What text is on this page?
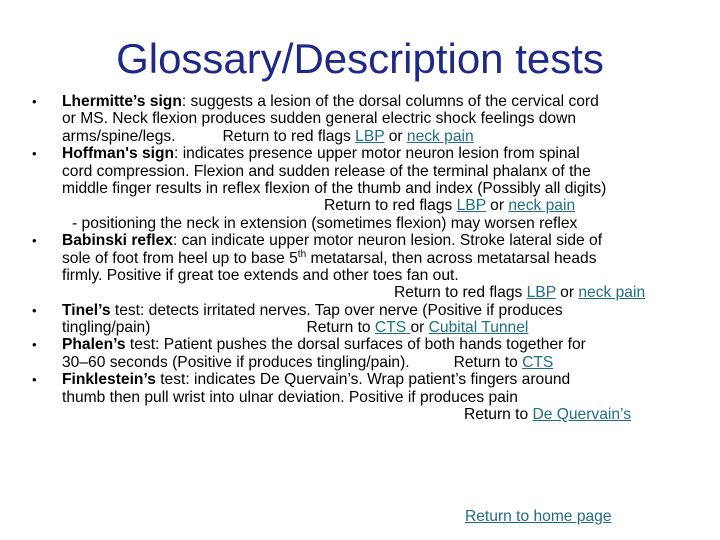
Glossary/Description tests
•	Lhermitte’s sign: suggests a lesion of the dorsal columns of the cervical cord
or MS. Neck flexion produces sudden general electric shock feelings down
arms/spine/legs.	Return to red flags LBP or neck pain
•	Hoffman's sign: indicates presence upper motor neuron lesion from spinal
cord compression. Flexion and sudden release of the terminal phalanx of the
middle finger results in reflex flexion of the thumb and index (Possibly all digits)
Return to red flags LBP or neck pain
- positioning the neck in extension (sometimes flexion) may worsen reflex
•	Babinski reflex: can indicate upper motor neuron lesion. Stroke lateral side of
sole of foot from heel up to base 5th metatarsal, then across metatarsal heads
firmly. Positive if great toe extends and other toes fan out.
Return to red flags LBP or neck pain
•	Tinel’s test: detects irritated nerves. Tap over nerve (Positive if produces
tingling/pain)	Return to CTS or Cubital Tunnel
•	Phalen’s test: Patient pushes the dorsal surfaces of both hands together for
30–60 seconds (Positive if produces tingling/pain).	Return to CTS
•	Finklestein’s test: indicates De Quervain’s. Wrap patient’s fingers around
thumb then pull wrist into ulnar deviation. Positive if produces pain
Return to De Quervain’s
Return to home page
